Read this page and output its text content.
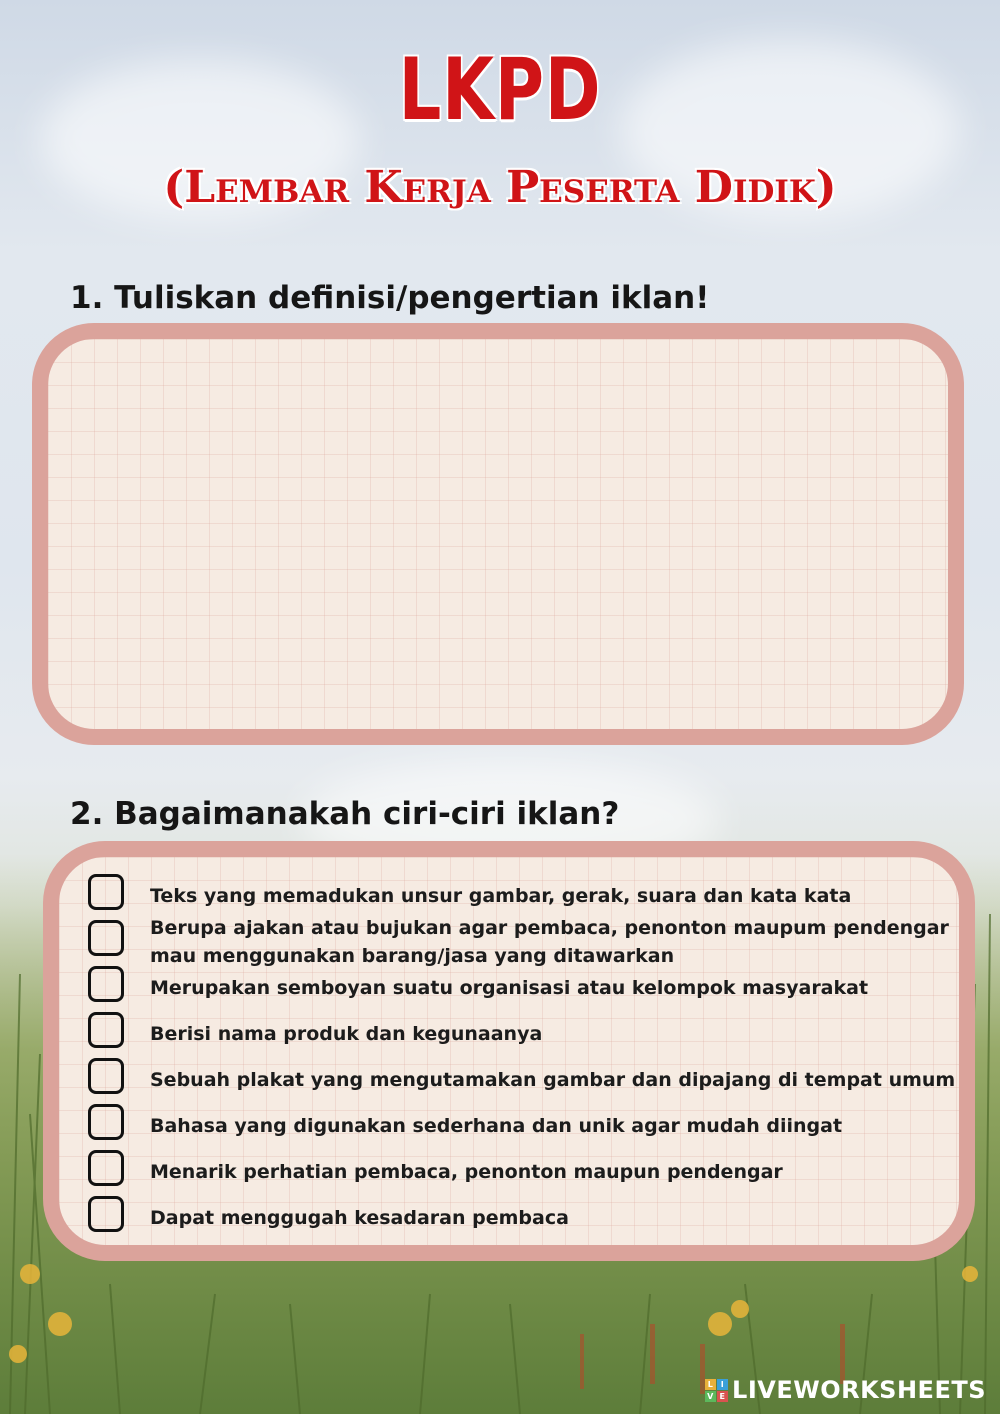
LKPD
(Lembar Kerja Peserta Didik)
1. Tuliskan definisi/pengertian iklan!
2. Bagaimanakah ciri-ciri iklan?
Teks yang memadukan unsur gambar, gerak, suara dan kata kata
Berupa ajakan atau bujukan agar pembaca, penonton maupum pendengar mau menggunakan barang/jasa yang ditawarkan
Merupakan semboyan suatu organisasi atau kelompok masyarakat
Berisi nama produk dan kegunaanya
Sebuah plakat yang mengutamakan gambar dan dipajang di tempat umum
Bahasa yang digunakan sederhana dan unik agar mudah diingat
Menarik perhatian pembaca, penonton maupun pendengar
Dapat menggugah kesadaran pembaca
L I
V E LIVEWORKSHEETS
